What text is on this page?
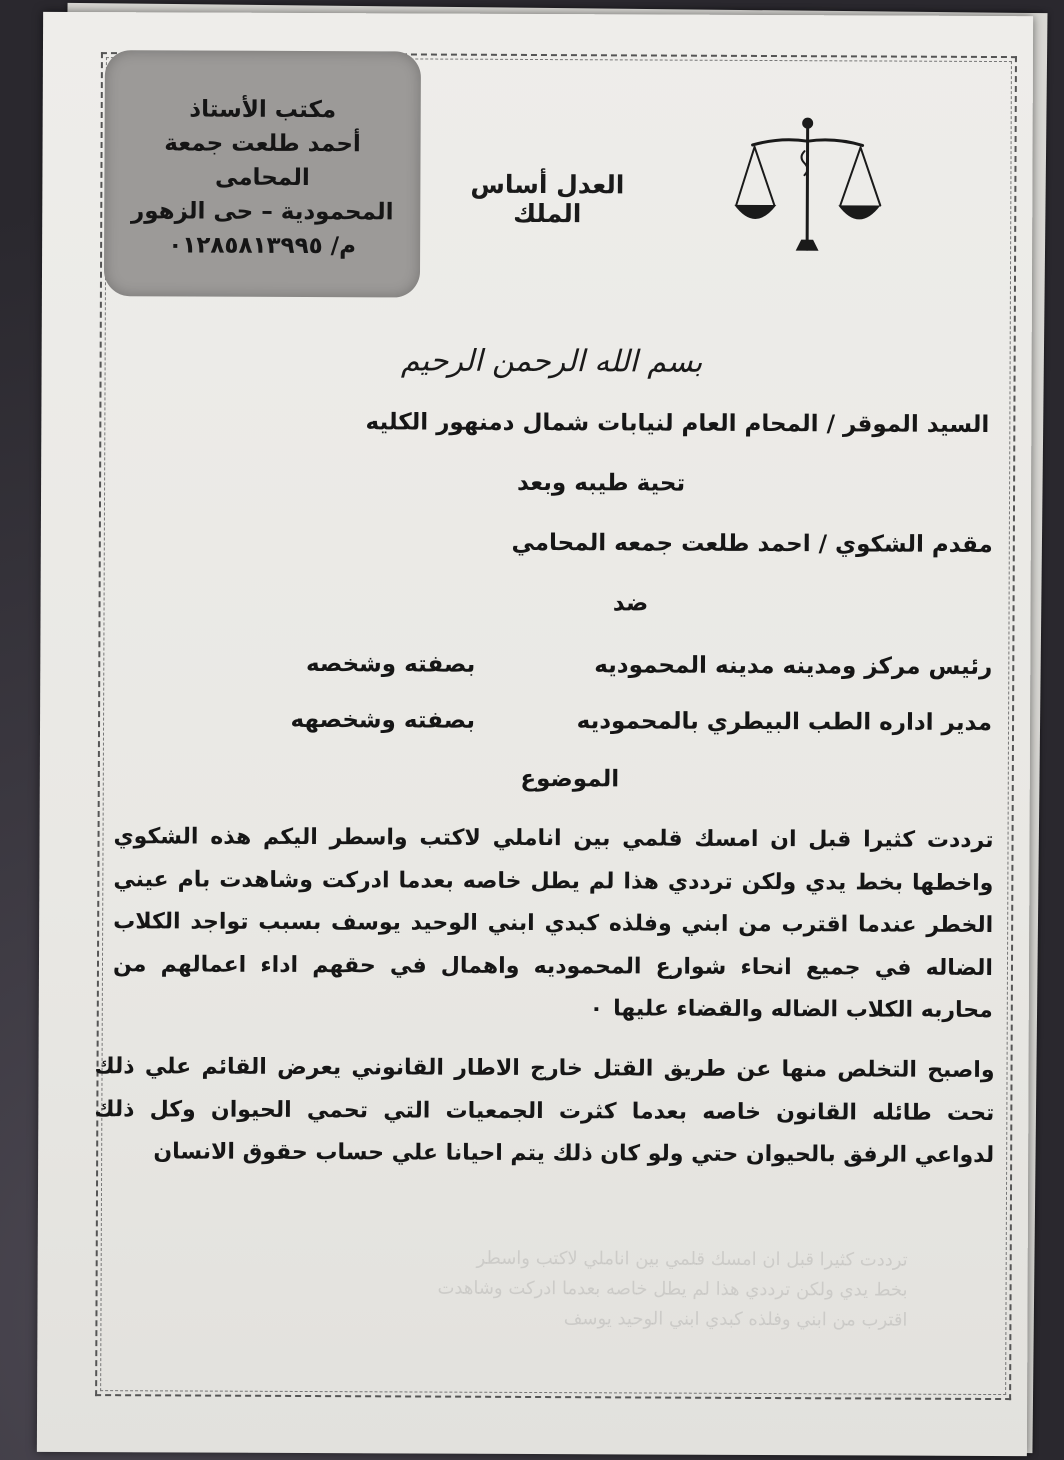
مكتب الأستاذ
أحمد طلعت جمعة
المحامى
المحمودية – حى الزهور
م/ ٠١٢٨٥٨١٣٩٩٥
العدل أساس الملك
بسم الله الرحمن الرحيم
السيد الموقر / المحام العام لنيابات شمال دمنهور الكليه
تحية طيبه وبعد
مقدم الشكوي / احمد طلعت جمعه المحامي
ضد
رئيس مركز ومدينه مدينه المحموديه
بصفته وشخصه
مدير اداره الطب البيطري بالمحموديه
بصفته وشخصهه
الموضوع
ترددت كثيرا قبل ان امسك قلمي بين اناملي لاكتب واسطر اليكم هذه الشكوي واخطها بخط يدي ولكن ترددي هذا لم يطل خاصه بعدما ادركت وشاهدت بام عيني الخطر عندما اقترب من ابني وفلذه كبدي ابني الوحيد يوسف بسبب تواجد الكلاب الضاله في جميع انحاء شوارع المحموديه واهمال في حقهم اداء اعمالهم من محاربه الكلاب الضاله والقضاء عليها٠
واصبح التخلص منها عن طريق القتل خارج الاطار القانوني يعرض القائم علي ذلك تحت طائله القانون خاصه بعدما كثرت الجمعيات التي تحمي الحيوان وكل ذلك لدواعي الرفق بالحيوان حتي ولو كان ذلك يتم احيانا علي حساب حقوق الانسان
ترددت كثيرا قبل ان امسك قلمي بين اناملي لاكتب واسطر
بخط يدي ولكن ترددي هذا لم يطل خاصه بعدما ادركت وشاهدت
اقترب من ابني وفلذه كبدي ابني الوحيد يوسف
